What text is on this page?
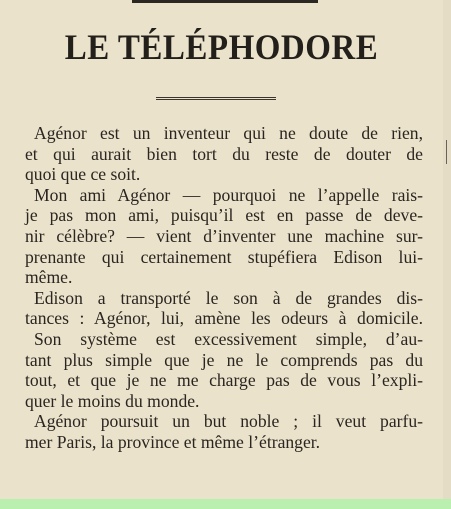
LE TÉLÉPHODORE
Agénor est un inventeur qui ne doute de rien,
et qui aurait bien tort du reste de douter de
quoi que ce soit.
Mon ami Agénor — pourquoi ne l’appelle rais-
je pas mon ami, puisqu’il est en passe de deve-
nir célèbre? — vient d’inventer une machine sur-
prenante qui certainement stupéfiera Edison lui-
même.
Edison a transporté le son à de grandes dis-
tances : Agénor, lui, amène les odeurs à domicile.
Son système est excessivement simple, d’au-
tant plus simple que je ne le comprends pas du
tout, et que je ne me charge pas de vous l’expli-
quer le moins du monde.
Agénor poursuit un but noble ; il veut parfu-
mer Paris, la province et même l’étranger.
